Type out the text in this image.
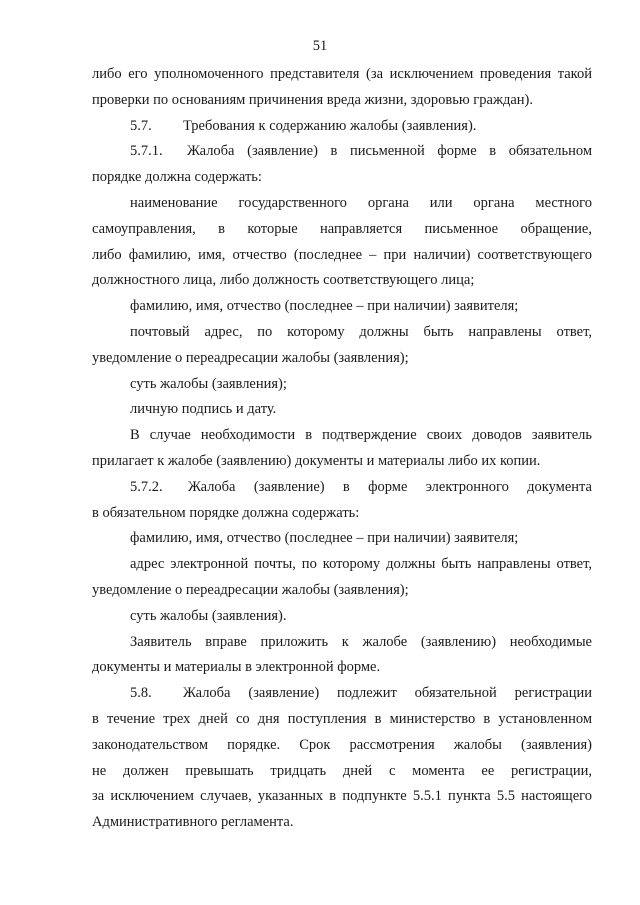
51
либо его уполномоченного представителя (за исключением проведения такой
проверки по основаниям причинения вреда жизни, здоровью граждан).
5.7. Требования к содержанию жалобы (заявления).
5.7.1.	Жалоба (заявление) в письменной форме в обязательном
порядке должна содержать:
наименование государственного органа или органа местного
самоуправления, в которые направляется письменное обращение,
либо фамилию, имя, отчество (последнее – при наличии) соответствующего
должностного лица, либо должность соответствующего лица;
фамилию, имя, отчество (последнее – при наличии) заявителя;
почтовый адрес, по которому должны быть направлены ответ,
уведомление о переадресации жалобы (заявления);
суть жалобы (заявления);
личную подпись и дату.
В случае необходимости в подтверждение своих доводов заявитель
прилагает к жалобе (заявлению) документы и материалы либо их копии.
5.7.2.	Жалоба (заявление) в форме электронного документа
в обязательном порядке должна содержать:
фамилию, имя, отчество (последнее – при наличии) заявителя;
адрес электронной почты, по которому должны быть направлены ответ,
уведомление о переадресации жалобы (заявления);
суть жалобы (заявления).
Заявитель вправе приложить к жалобе (заявлению) необходимые
документы и материалы в электронной форме.
5.8.	Жалоба (заявление) подлежит обязательной регистрации
в течение трех дней со дня поступления в министерство в установленном
законодательством порядке. Срок рассмотрения жалобы (заявления)
не должен превышать тридцать дней с момента ее регистрации,
за исключением случаев, указанных в подпункте 5.5.1 пункта 5.5 настоящего
Административного регламента.
